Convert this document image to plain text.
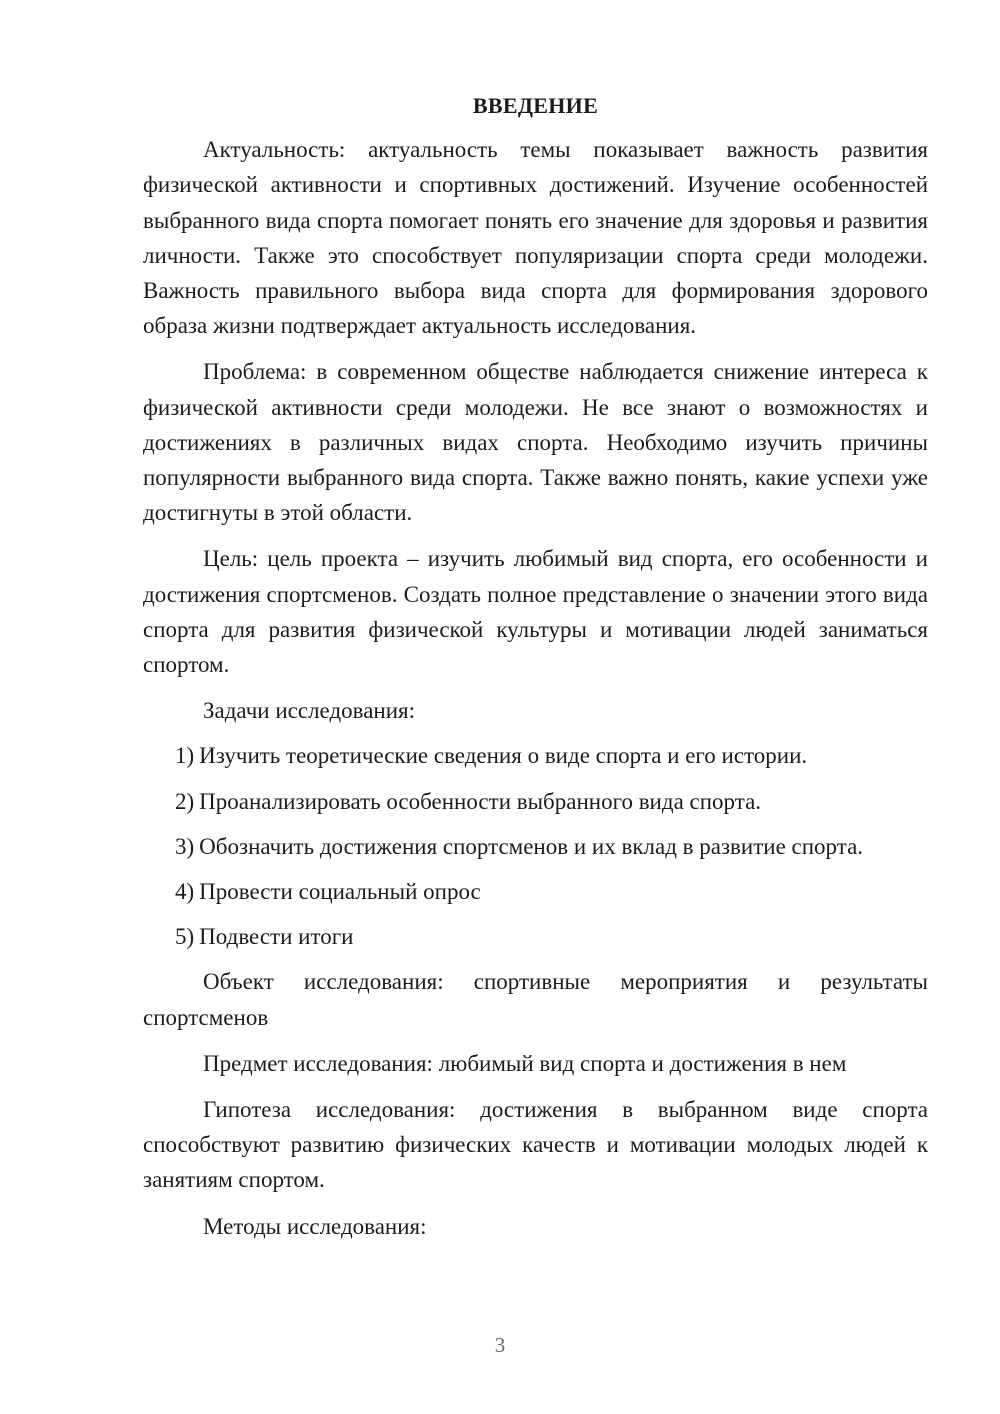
ВВЕДЕНИЕ

Актуальность: актуальность темы показывает важность развития физической активности и спортивных достижений. Изучение особенностей выбранного вида спорта помогает понять его значение для здоровья и развития личности. Также это способствует популяризации спорта среди молодежи. Важность правильного выбора вида спорта для формирования здорового образа жизни подтверждает актуальность исследования.

Проблема: в современном обществе наблюдается снижение интереса к физической активности среди молодежи. Не все знают о возможностях и достижениях в различных видах спорта. Необходимо изучить причины популярности выбранного вида спорта. Также важно понять, какие успехи уже достигнуты в этой области.

Цель: цель проекта – изучить любимый вид спорта, его особенности и достижения спортсменов. Создать полное представление о значении этого вида спорта для развития физической культуры и мотивации людей заниматься спортом.

Задачи исследования:

1) Изучить теоретические сведения о виде спорта и его истории.
2) Проанализировать особенности выбранного вида спорта.
3) Обозначить достижения спортсменов и их вклад в развитие спорта.
4) Провести социальный опрос
5) Подвести итоги

Объект исследования: спортивные мероприятия и результаты спортсменов

Предмет исследования: любимый вид спорта и достижения в нем

Гипотеза исследования: достижения в выбранном виде спорта способствуют развитию физических качеств и мотивации молодых людей к занятиям спортом.

Методы исследования:

3
